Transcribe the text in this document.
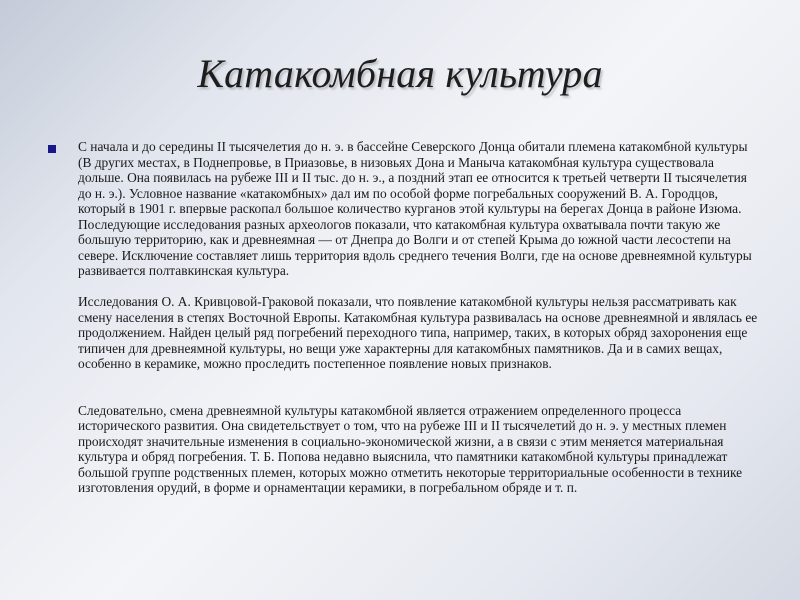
Катакомбная культура

С начала и до середины II тысячелетия до н. э. в бассейне Северского Донца обитали племена катакомбной культуры (В других местах, в Поднепровье, в Приазовье, в низовьях Дона и Маныча катакомбная культура существовала дольше. Она появилась на рубеже III и II тыс. до н. э., а поздний этап ее относится к третьей четверти II тысячелетия до н. э.). Условное название «катакомбных» дал им по особой форме погребальных сооружений В. А. Городцов, который в 1901 г. впервые раскопал большое количество курганов этой культуры на берегах Донца в районе Изюма. Последующие исследования разных археологов показали, что катакомбная культура охватывала почти такую же большую территорию, как и древнеямная — от Днепра до Волги и от степей Крыма до южной части лесостепи на севере. Исключение составляет лишь территория вдоль среднего течения Волги, где на основе древнеямной культуры развивается полтавкинская культура.

Исследования О. А. Кривцовой-Граковой показали, что появление катакомбной культуры нельзя рассматривать как смену населения в степях Восточной Европы. Катакомбная культура развивалась на основе древнеямной и являлась ее продолжением. Найден целый ряд погребений переходного типа, например, таких, в которых обряд захоронения еще типичен для древнеямной культуры, но вещи уже характерны для катакомбных памятников. Да и в самих вещах, особенно в керамике, можно проследить постепенное появление новых признаков.

Следовательно, смена древнеямной культуры катакомбной является отражением определенного процесса исторического развития. Она свидетельствует о том, что на рубеже III и II тысячелетий до н. э. у местных племен происходят значительные изменения в социально-экономической жизни, а в связи с этим меняется материальная культура и обряд погребения. Т. Б. Попова недавно выяснила, что памятники катакомбной культуры принадлежат большой группе родственных племен, которых можно отметить некоторые территориальные особенности в технике изготовления орудий, в форме и орнаментации керамики, в погребальном обряде и т. п.
